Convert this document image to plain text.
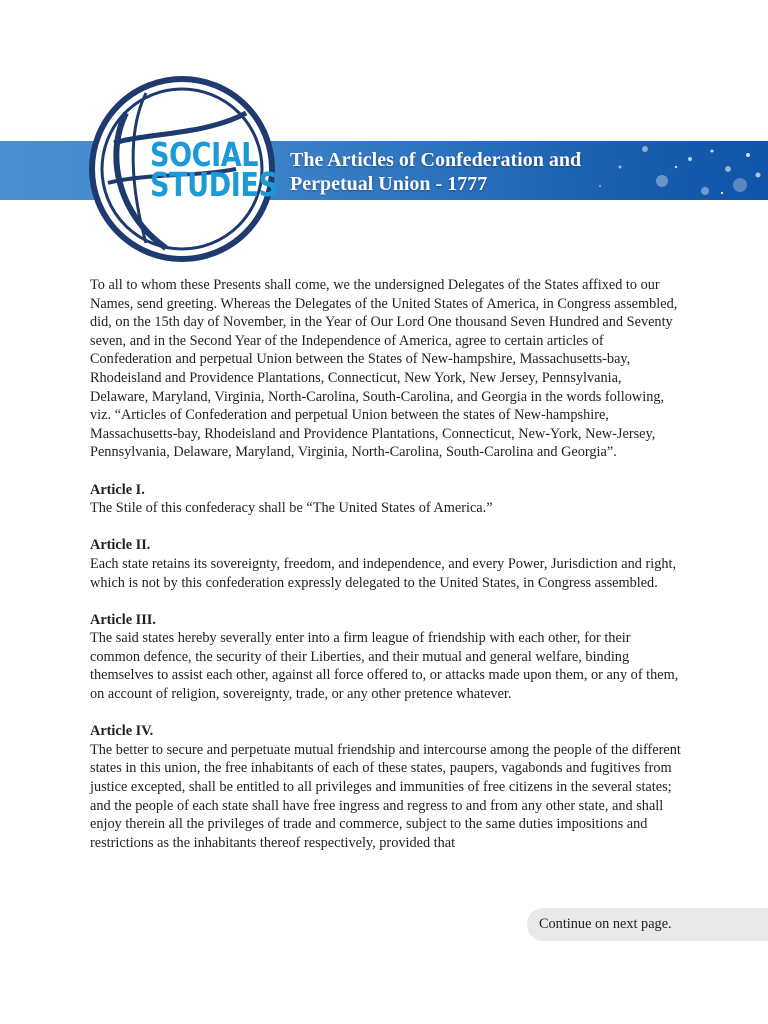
SOCIAL
STUDIES
The Articles of Confederation and
Perpetual Union - 1777

To all to whom these Presents shall come, we the undersigned Delegates of the States affixed to our Names, send greeting. Whereas the Delegates of the United States of America, in Congress assembled, did, on the 15th day of November, in the Year of Our Lord One thousand Seven Hundred and Seventy seven, and in the Second Year of the Independence of America, agree to certain articles of Confederation and perpetual Union between the States of New-hampshire, Massachusetts-bay, Rhodeisland and Providence Plantations, Connecticut, New York, New Jersey, Pennsylvania, Delaware, Maryland, Virginia, North-Carolina, South-Carolina, and Georgia in the words following, viz. “Articles of Confederation and perpetual Union between the states of New-hampshire, Massachusetts-bay, Rhodeisland and Providence Plantations, Connecticut, New-York, New-Jersey, Pennsylvania, Delaware, Maryland, Virginia, North-Carolina, South-Carolina and Georgia”.

Article I.

The Stile of this confederacy shall be “The United States of America.”

Article II.

Each state retains its sovereignty, freedom, and independence, and every Power, Jurisdiction and right, which is not by this confederation expressly delegated to the United States, in Congress assembled.

Article III.

The said states hereby severally enter into a firm league of friendship with each other, for their common defence, the security of their Liberties, and their mutual and general welfare, binding themselves to assist each other, against all force offered to, or attacks made upon them, or any of them, on account of religion, sovereignty, trade, or any other pretence whatever.

Article IV.

The better to secure and perpetuate mutual friendship and intercourse among the people of the different states in this union, the free inhabitants of each of these states, paupers, vagabonds and fugitives from justice excepted, shall be entitled to all privileges and immunities of free citizens in the several states; and the people of each state shall have free ingress and regress to and from any other state, and shall enjoy therein all the privileges of trade and commerce, subject to the same duties impositions and restrictions as the inhabitants thereof respectively, provided that

Continue on next page.
